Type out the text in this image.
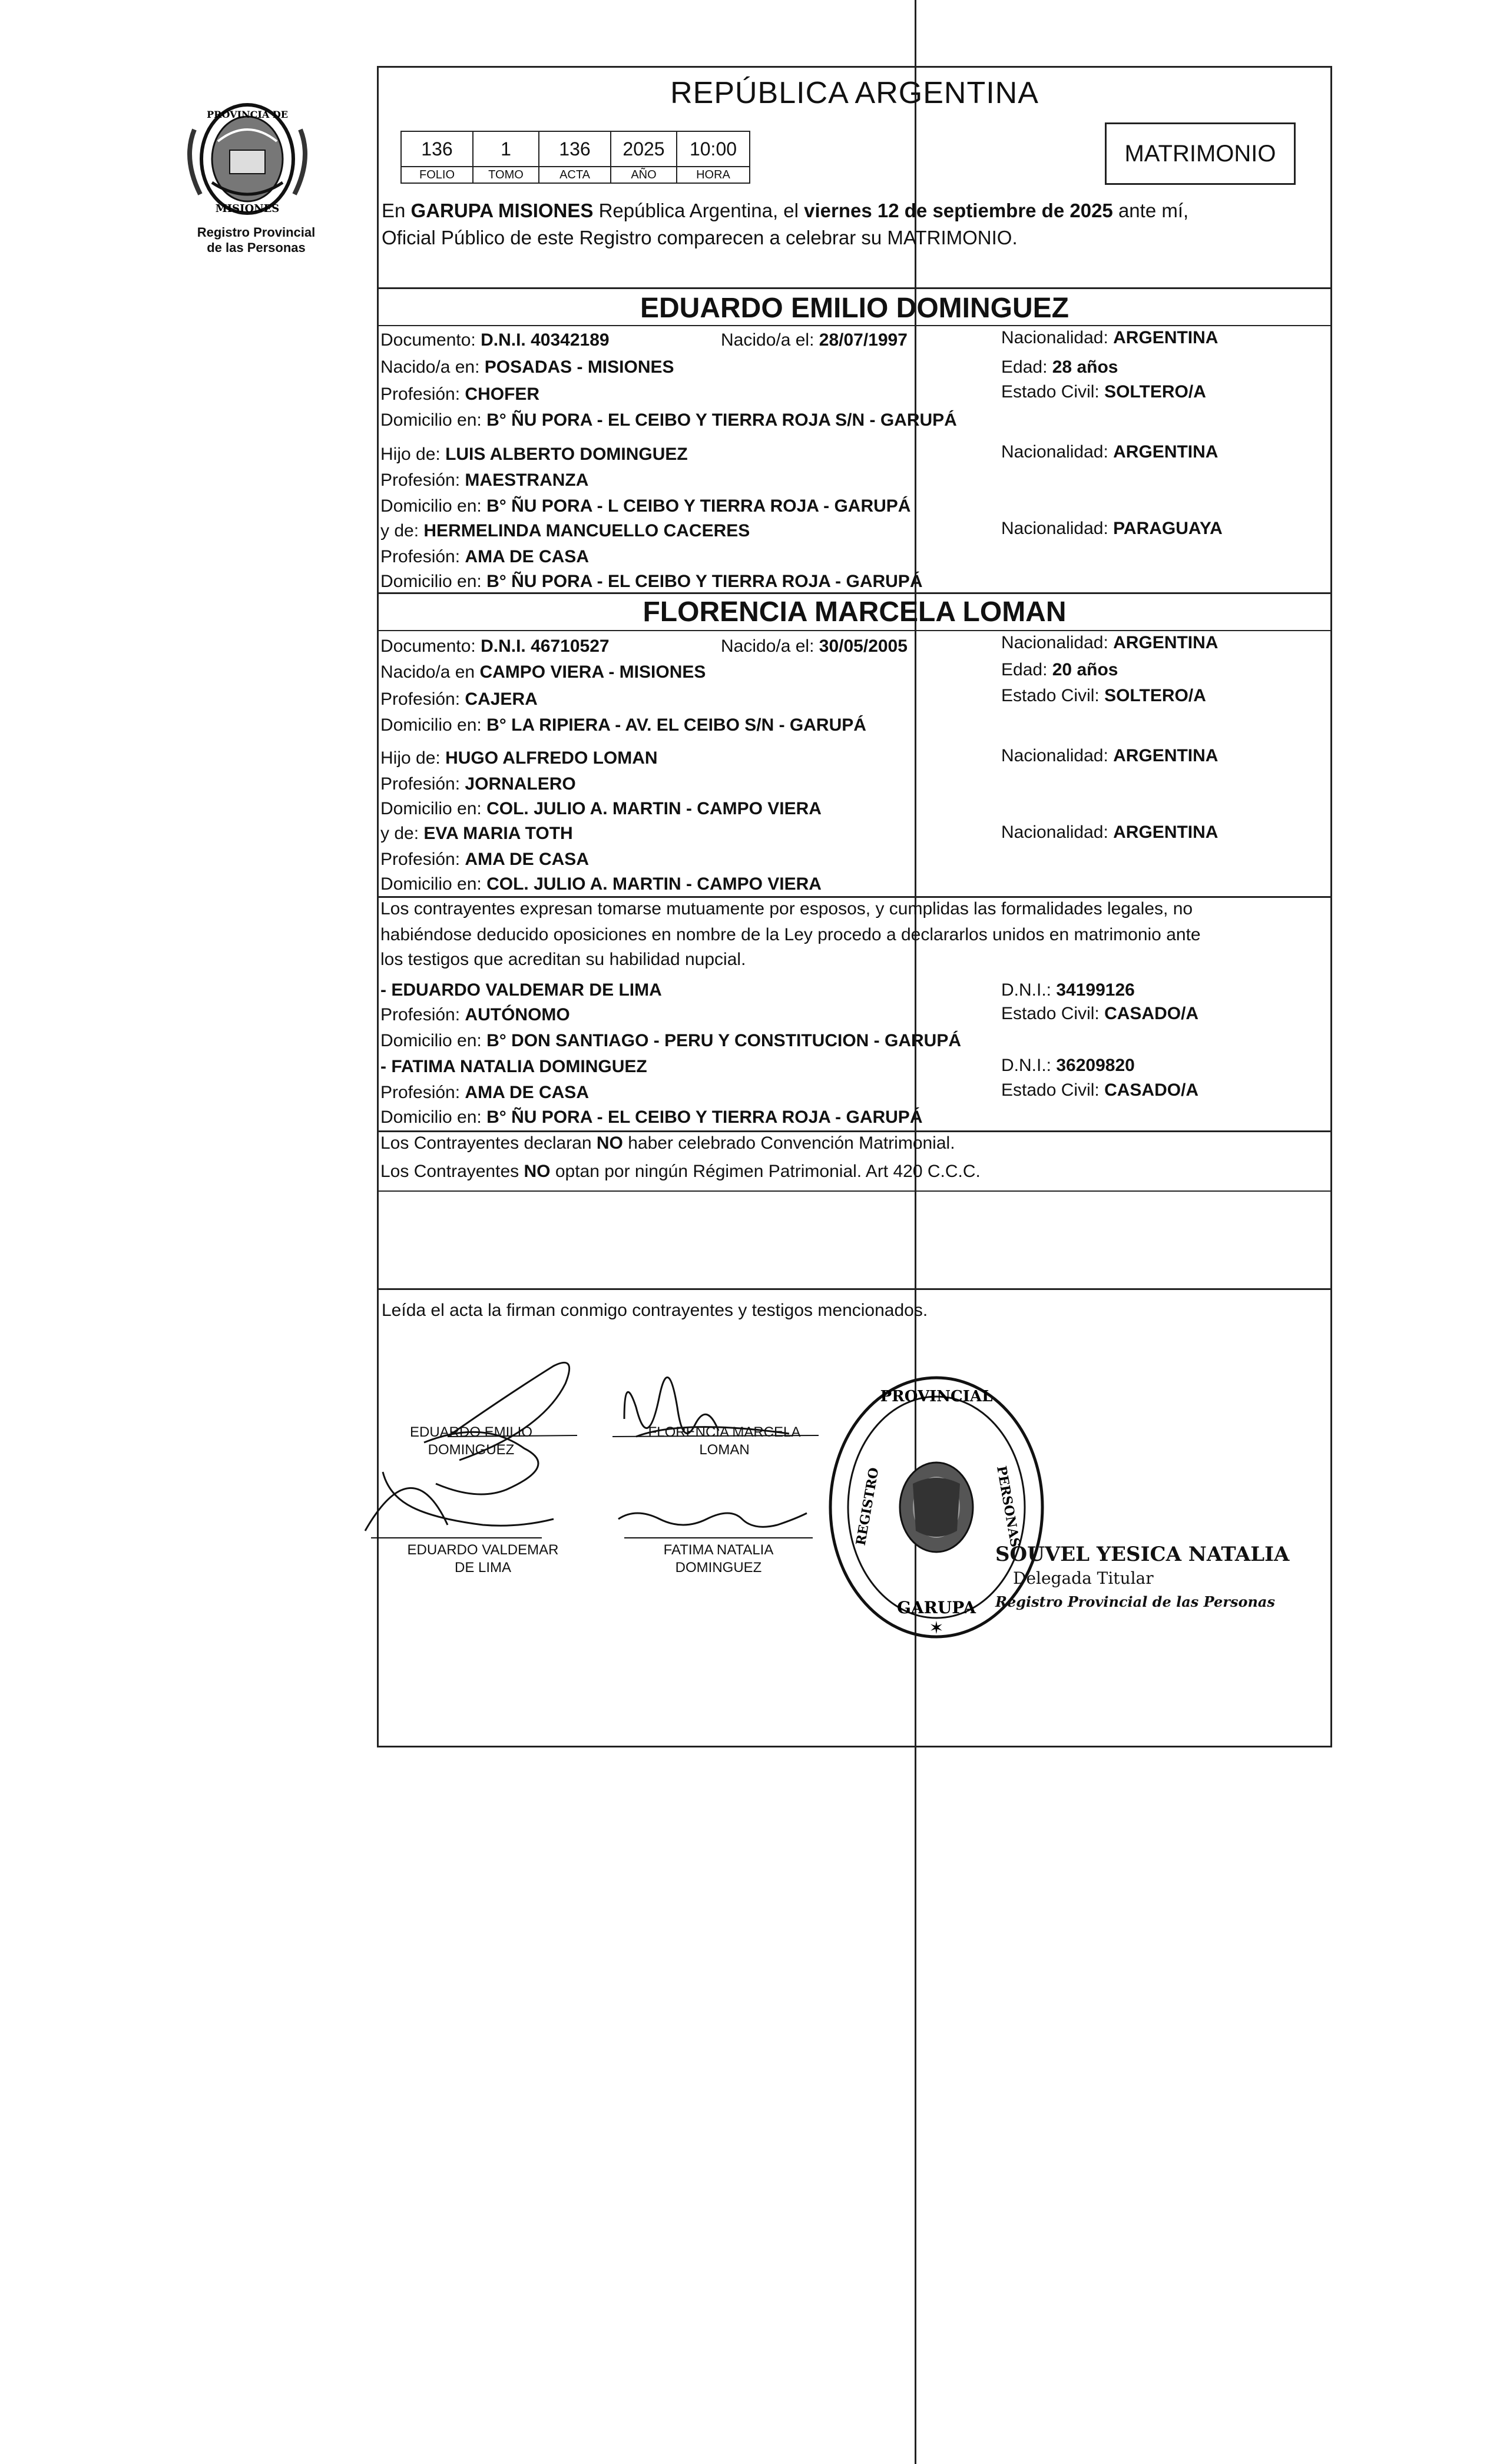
PROVINCIA DE
MISIONES
Registro Provincial
de las Personas
REPÚBLICA ARGENTINA
136	1	136	2025	10:00
FOLIO	TOMO	ACTA	AÑO	HORA
MATRIMONIO
En GARUPA MISIONES República Argentina, el viernes 12 de septiembre de 2025 ante mí,
Oficial Público de este Registro comparecen a celebrar su MATRIMONIO.
EDUARDO EMILIO DOMINGUEZ
Documento: D.N.I. 40342189	Nacido/a el: 28/07/1997	Nacionalidad: ARGENTINA
Nacido/a en: POSADAS - MISIONES	Edad: 28 años
Profesión: CHOFER	Estado Civil: SOLTERO/A
Domicilio en: B° ÑU PORA - EL CEIBO Y TIERRA ROJA S/N - GARUPÁ
Hijo de: LUIS ALBERTO DOMINGUEZ	Nacionalidad: ARGENTINA
Profesión: MAESTRANZA
Domicilio en: B° ÑU PORA - L CEIBO Y TIERRA ROJA - GARUPÁ
y de: HERMELINDA MANCUELLO CACERES	Nacionalidad: PARAGUAYA
Profesión: AMA DE CASA
Domicilio en: B° ÑU PORA - EL CEIBO Y TIERRA ROJA - GARUPÁ
FLORENCIA MARCELA LOMAN
Documento: D.N.I. 46710527	Nacido/a el: 30/05/2005	Nacionalidad: ARGENTINA
Nacido/a en CAMPO VIERA - MISIONES	Edad: 20 años
Profesión: CAJERA	Estado Civil: SOLTERO/A
Domicilio en: B° LA RIPIERA - AV. EL CEIBO S/N - GARUPÁ
Hijo de: HUGO ALFREDO LOMAN	Nacionalidad: ARGENTINA
Profesión: JORNALERO
Domicilio en: COL. JULIO A. MARTIN - CAMPO VIERA
y de: EVA MARIA TOTH	Nacionalidad: ARGENTINA
Profesión: AMA DE CASA
Domicilio en: COL. JULIO A. MARTIN - CAMPO VIERA
Los contrayentes expresan tomarse mutuamente por esposos, y cumplidas las formalidades legales, no
habiéndose deducido oposiciones en nombre de la Ley procedo a declararlos unidos en matrimonio ante
los testigos que acreditan su habilidad nupcial.
- EDUARDO VALDEMAR DE LIMA	D.N.I.: 34199126
Profesión: AUTÓNOMO	Estado Civil: CASADO/A
Domicilio en: B° DON SANTIAGO - PERU Y CONSTITUCION - GARUPÁ
- FATIMA NATALIA DOMINGUEZ	D.N.I.: 36209820
Profesión: AMA DE CASA	Estado Civil: CASADO/A
Domicilio en: B° ÑU PORA - EL CEIBO Y TIERRA ROJA - GARUPÁ
Los Contrayentes declaran NO haber celebrado Convención Matrimonial.
Los Contrayentes NO optan por ningún Régimen Patrimonial. Art 420 C.C.C.
Leída el acta la firman conmigo contrayentes y testigos mencionados.
EDUARDO EMILIO
DOMINGUEZ
FLORENCIA MARCELA
LOMAN
EDUARDO VALDEMAR
DE LIMA
FATIMA NATALIA
DOMINGUEZ
PROVINCIAL
REGISTRO	PERSONAS
GARUPA
✶
SOUVEL YESICA NATALIA
Delegada Titular
Registro Provincial de las Personas
